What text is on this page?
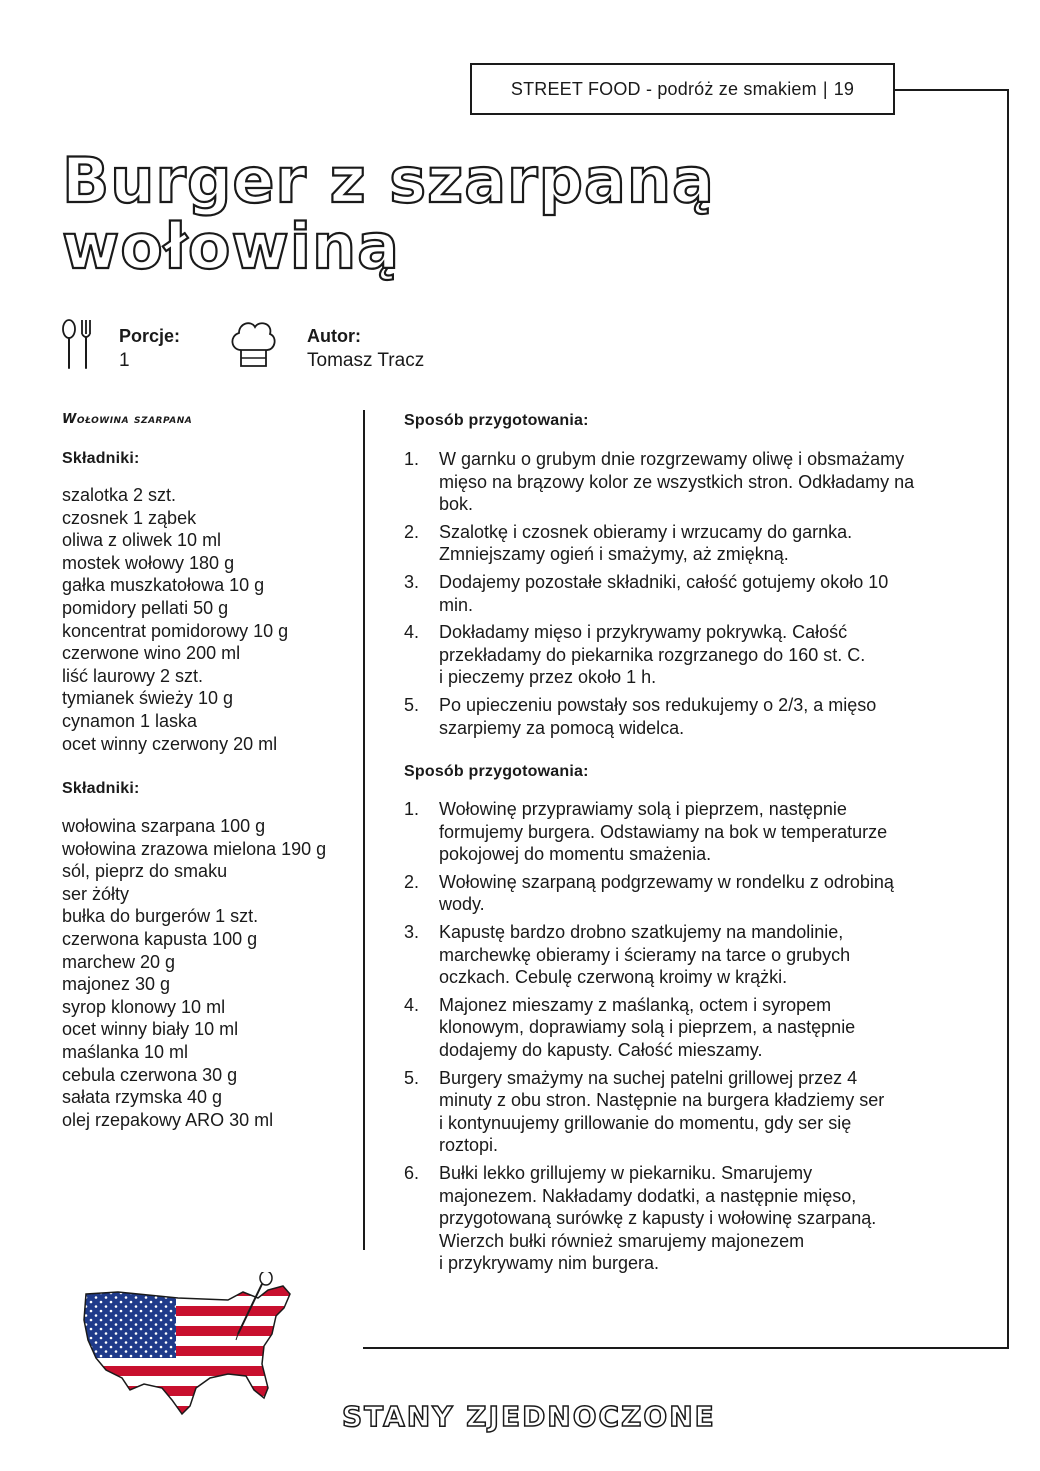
STREET FOOD
- podróż ze smakiem | 19
Burger z szarpaną
wołowiną
Porcje:
1
Autor:
Tomasz Tracz
Wołowina szarpana
Składniki:
szalotka 2 szt.
czosnek 1 ząbek
oliwa z oliwek 10 ml
mostek wołowy 180 g
gałka muszkatołowa 10 g
pomidory pellati 50 g
koncentrat pomidorowy 10 g
czerwone wino 200 ml
liść laurowy 2 szt.
tymianek świeży 10 g
cynamon 1 laska
ocet winny czerwony 20 ml
Składniki:
wołowina szarpana 100 g
wołowina zrazowa mielona 190 g
sól, pieprz do smaku
ser żółty
bułka do burgerów 1 szt.
czerwona kapusta 100 g
marchew 20 g
majonez 30 g
syrop klonowy 10 ml
ocet winny biały 10 ml
maślanka 10 ml
cebula czerwona 30 g
sałata rzymska 40 g
olej rzepakowy ARO 30 ml
Sposób przygotowania:
1.	W garnku o grubym dnie rozgrzewamy oliwę i obsmażamy
mięso na brązowy kolor ze wszystkich stron. Odkładamy na
bok.
2.	Szalotkę i czosnek obieramy i wrzucamy do garnka.
Zmniejszamy ogień i smażymy, aż zmiękną.
3.	Dodajemy pozostałe składniki, całość gotujemy około 10
min.
4.	Dokładamy mięso i przykrywamy pokrywką. Całość
przekładamy do piekarnika rozgrzanego do 160 st. C.
i pieczemy przez około 1 h.
5.	Po upieczeniu powstały sos redukujemy o 2/3, a mięso
szarpiemy za pomocą widelca.
Sposób przygotowania:
1.	Wołowinę przyprawiamy solą i pieprzem, następnie
formujemy burgera. Odstawiamy na bok w temperaturze
pokojowej do momentu smażenia.
2.	Wołowinę szarpaną podgrzewamy w rondelku z odrobiną
wody.
3.	Kapustę bardzo drobno szatkujemy na mandolinie,
marchewkę obieramy i ścieramy na tarce o grubych
oczkach. Cebulę czerwoną kroimy w krążki.
4.	Majonez mieszamy z maślanką, octem i syropem
klonowym, doprawiamy solą i pieprzem, a następnie
dodajemy do kapusty. Całość mieszamy.
5.	Burgery smażymy na suchej patelni grillowej przez 4
minuty z obu stron. Następnie na burgera kładziemy ser
i kontynuujemy grillowanie do momentu, gdy ser się
roztopi.
6.	Bułki lekko grillujemy w piekarniku. Smarujemy
majonezem. Nakładamy dodatki, a następnie mięso,
przygotowaną surówkę z kapusty i wołowinę szarpaną.
Wierzch bułki również smarujemy majonezem
i przykrywamy nim burgera.
STANY ZJEDNOCZONE
